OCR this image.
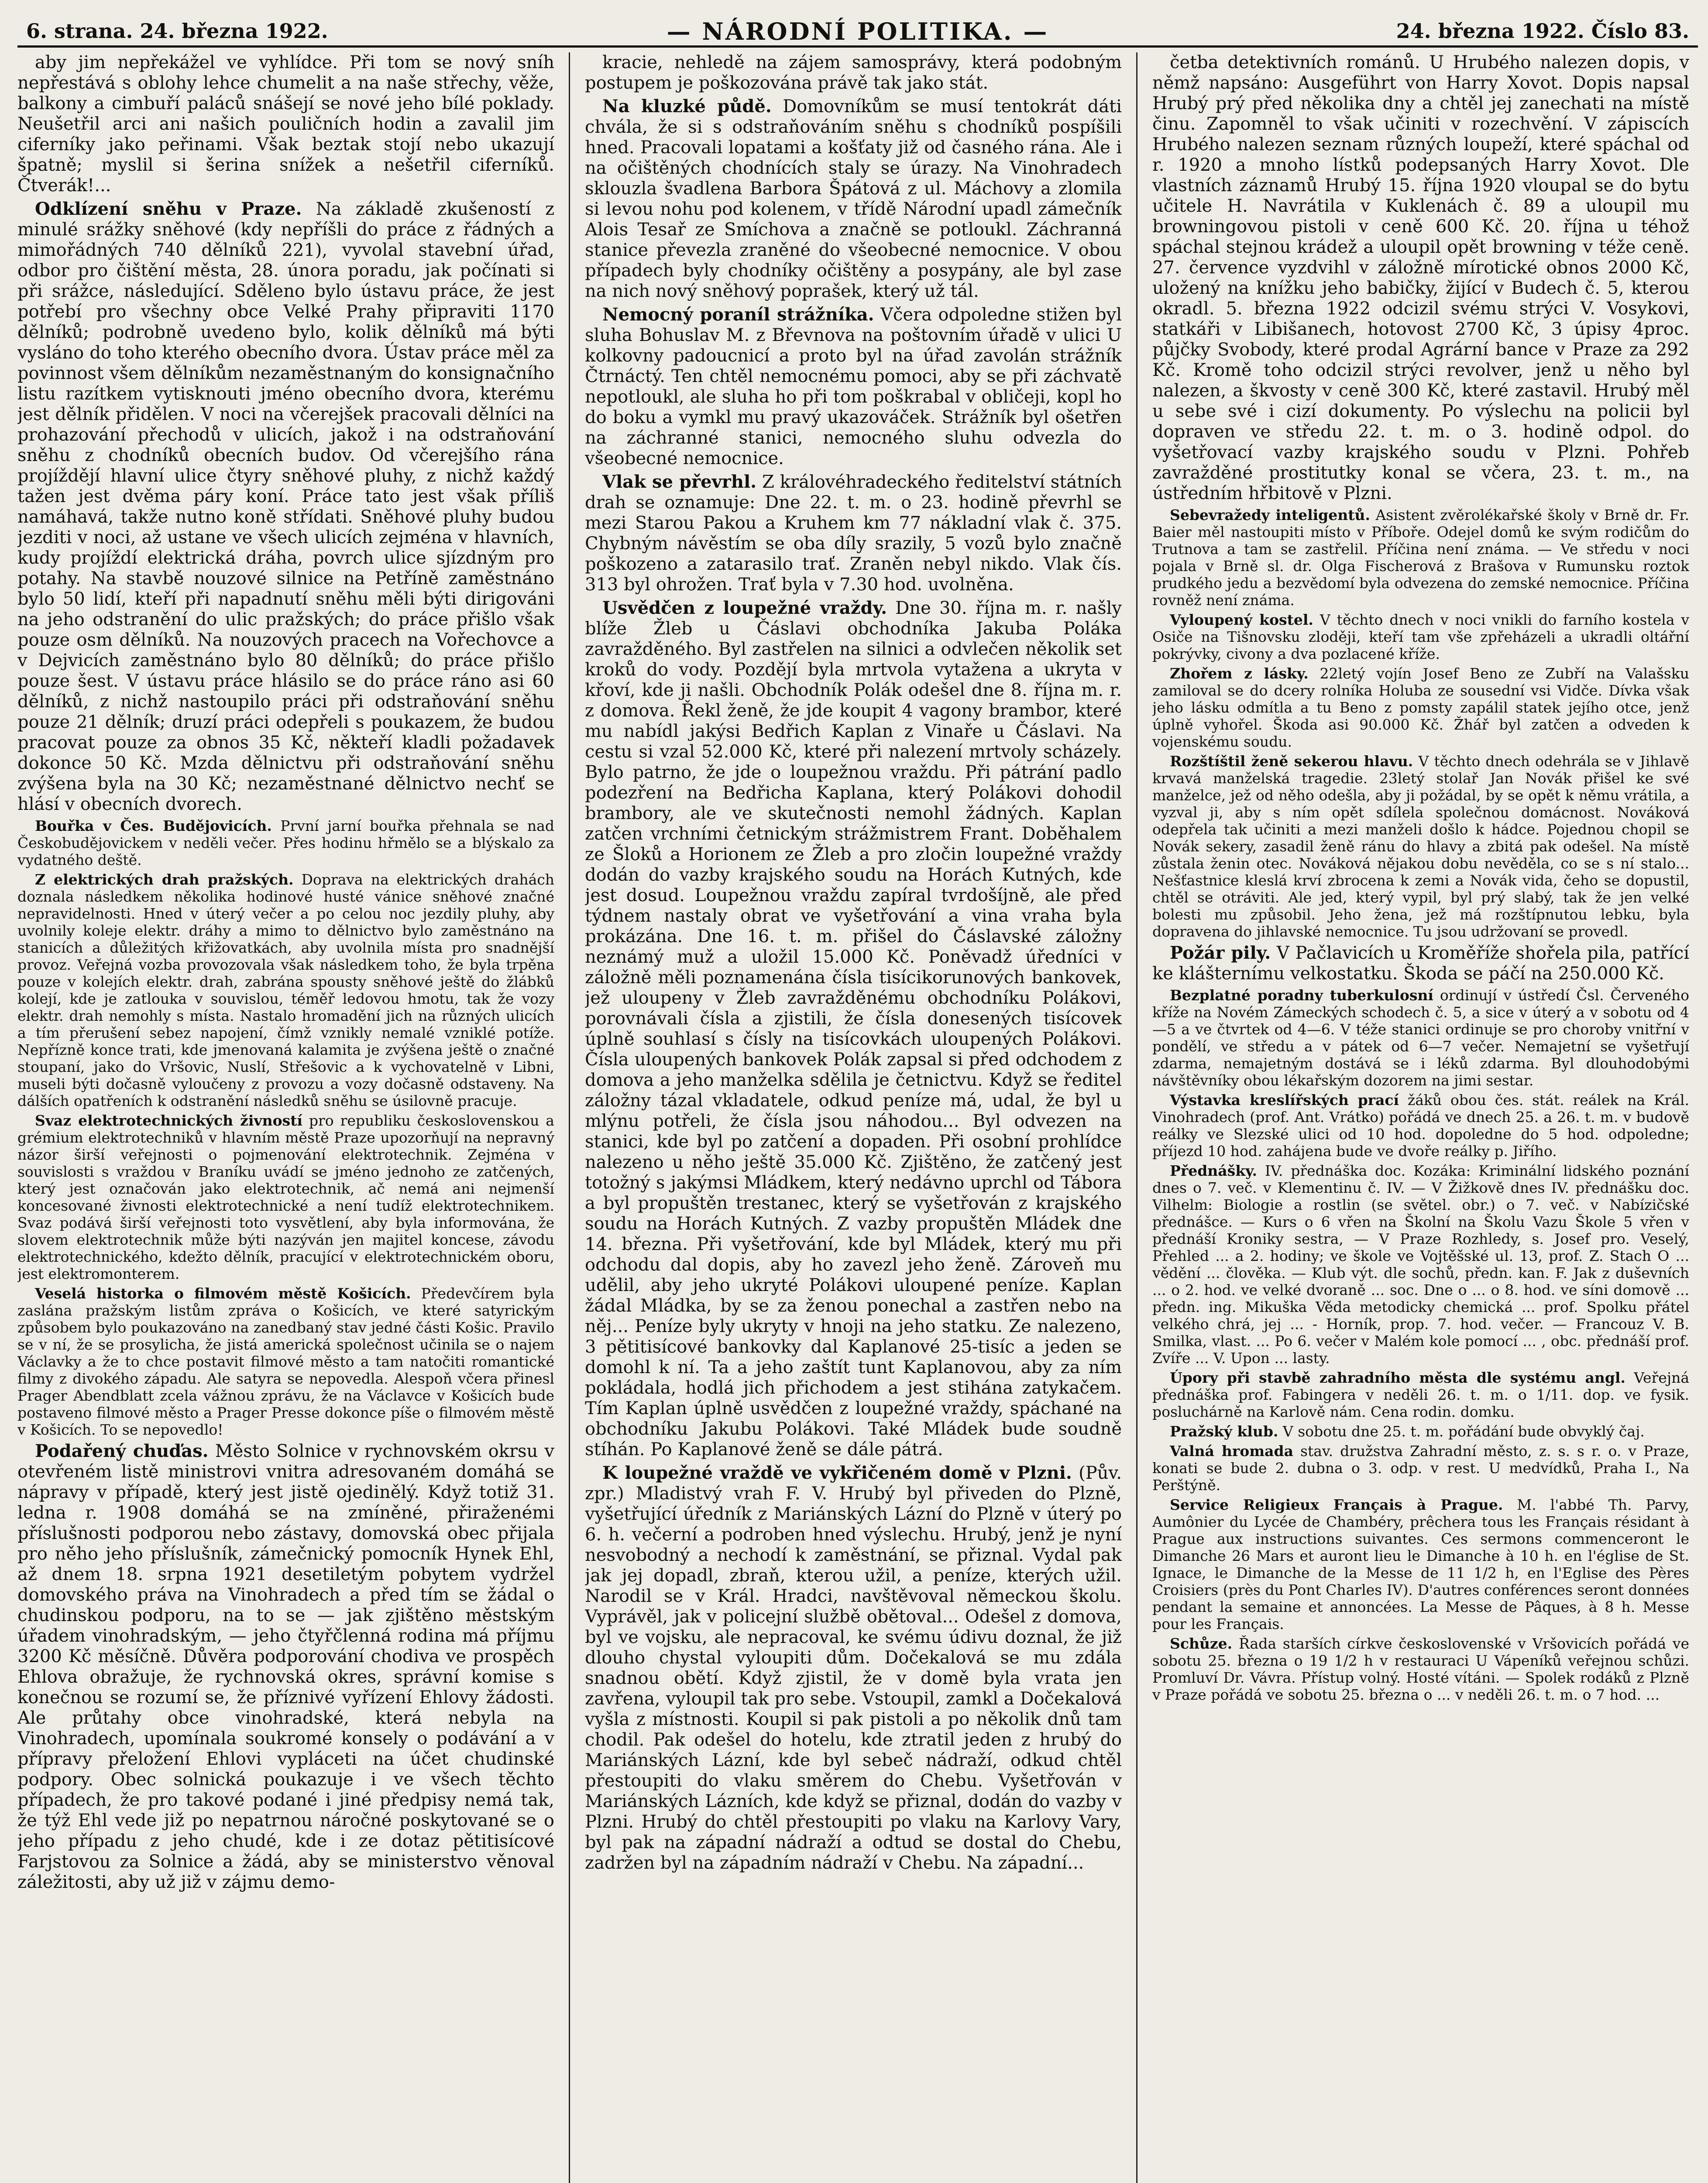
6. strana. 24. března 1922.	— NÁRODNÍ POLITIKA. —	24. března 1922. Číslo 83.

aby jim nepřekážel ve vyhlídce. Při tom se nový sníh nepřestává s oblohy lehce chumelit a na naše střechy, věže, balkony a cimbuří paláců snášejí se nové jeho bílé poklady. Neušetřil arci ani našich pouličních hodin a zavalil jim ciferníky jako peřinami. Však beztak stojí nebo ukazují špatně; myslil si šerina snížek a nešetřil ciferníků. Čtverák!...

Odklízení sněhu v Praze. Na základě zkušeností z minulé srážky sněhové (kdy nepříšli do práce z řádných a mimořádných 740 dělníků 221), vyvolal stavební úřad, odbor pro čištění města, 28. února poradu, jak počínati si při srážce, následující. Sděleno bylo ústavu práce, že jest potřebí pro všechny obce Velké Prahy připraviti 1170 dělníků; podrobně uvedeno bylo, kolik dělníků má býti vysláno do toho kterého obecního dvora. Ústav práce měl za povinnost všem dělníkům nezaměstnaným do konsignačního listu razítkem vytisknouti jméno obecního dvora, kterému jest dělník přidělen. V noci na včerejšek pracovali dělníci na prohazování přechodů v ulicích, jakož i na odstraňování sněhu z chodníků obecních budov. Od včerejšího rána projíždějí hlavní ulice čtyry sněhové pluhy, z nichž každý tažen jest dvěma páry koní. Práce tato jest však příliš namáhavá, takže nutno koně střídati. Sněhové pluhy budou jezditi v noci, až ustane ve všech ulicích zejména v hlavních, kudy projíždí elektrická dráha, povrch ulice sjízdným pro potahy. Na stavbě nouzové silnice na Petříně zaměstnáno bylo 50 lidí, kteří při napadnutí sněhu měli býti dirigováni na jeho odstranění do ulic pražských; do práce přišlo však pouze osm dělníků. Na nouzových pracech na Vořechovce a v Dejvicích zaměstnáno bylo 80 dělníků; do práce přišlo pouze šest. V ústavu práce hlásilo se do práce ráno asi 60 dělníků, z nichž nastoupilo práci při odstraňování sněhu pouze 21 dělník; druzí práci odepřeli s poukazem, že budou pracovat pouze za obnos 35 Kč, někteří kladli požadavek dokonce 50 Kč. Mzda dělnictvu při odstraňování sněhu zvýšena byla na 30 Kč; nezaměstnané dělnictvo nechť se hlásí v obecních dvorech.

Bouřka v Čes. Budějovicích. První jarní bouřka přehnala se nad Českobudějovickem v neděli večer. Přes hodinu hřmělo se a blýskalo za vydatného deště.

Z elektrických drah pražských. Doprava na elektrických drahách doznala následkem několika hodinové husté vánice sněhové značné nepravidelnosti. Hned v úterý večer a po celou noc jezdily pluhy, aby uvolnily koleje elektr. dráhy a mimo to dělnictvo bylo zaměstnáno na stanicích a důležitých křižovatkách, aby uvolnila místa pro snadnější provoz. Veřejná vozba provozovala však následkem toho, že byla trpěna pouze v kolejích elektr. drah, zabrána spousty sněhové ještě do žlábků kolejí, kde je zatlouka v souvislou, téměř ledovou hmotu, tak že vozy elektr. drah nemohly s místa. Nastalo hromadění jich na různých ulicích a tím přerušení sebez napojení, čímž vznikly nemalé vzniklé potíže. Nepřízně konce trati, kde jmenovaná kalamita je zvýšena ještě o značné stoupaní, jako do Vršovic, Nuslí, Střešovic a k vychovatelně v Libni, museli býti dočasně vyloučeny z provozu a vozy dočasně odstaveny. Na dálších opatřeních k odstranění následků sněhu se úsilovně pracuje.

Svaz elektrotechnických živností pro republiku československou a grémium elektrotechniků v hlavním městě Praze upozorňují na nepravný názor širší veřejnosti o pojmenování elektrotechnik. Zejména v souvislosti s vraždou v Braníku uvádí se jméno jednoho ze zatčených, který jest označován jako elektrotechnik, ač nemá ani nejmenší koncesované živnosti elektrotechnické a není tudíž elektrotechnikem. Svaz podává širší veřejnosti toto vysvětlení, aby byla informována, že slovem elektrotechnik může býti nazýván jen majitel koncese, závodu elektrotechnického, kdežto dělník, pracující v elektrotechnickém oboru, jest elektromonterem.

Veselá historka o filmovém městě Košicích. Předevčírem byla zaslána pražským listům zpráva o Košicích, ve které satyrickým způsobem bylo poukazováno na zanedbaný stav jedné části Košic. Pravilo se v ní, že se prosylicha, že jistá americká společnost učinila se o najem Václavky a že to chce postavit filmové město a tam natočiti romantické filmy z divokého západu. Ale satyra se nepovedla. Alespoň včera přinesl Prager Abendblatt zcela vážnou zprávu, že na Václavce v Košicích bude postaveno filmové město a Prager Presse dokonce píše o filmovém městě v Košicích. To se nepovedlo!

Podařený chuďas. Město Solnice v rychnovském okrsu v otevřeném listě ministrovi vnitra adresovaném domáhá se nápravy v případě, který jest jistě ojedinělý. Když totiž 31. ledna r. 1908 domáhá se na zmíněné, přiraženémi příslušnosti podporou nebo zástavy, domovská obec přijala pro něho jeho příslušník, zámečnický pomocník Hynek Ehl, až dnem 18. srpna 1921 desetiletým pobytem vydržel domovského práva na Vinohradech a před tím se žádal o chudinskou podporu, na to se — jak zjištěno městským úřadem vinohradským, — jeho čtyřčlenná rodina má příjmu 3200 Kč měsíčně. Důvěra podporování chodiva ve prospěch Ehlova obražuje, že rychnovská okres, správní komise s konečnou se rozumí se, že příznivé vyřízení Ehlovy žádosti. Ale průtahy obce vinohradské, která nebyla na Vinohradech, upomínala soukromé konsely o podávání a v přípravy přeložení Ehlovi vypláceti na účet chudinské podpory. Obec solnická poukazuje i ve všech těchto případech, že pro takové podané i jiné předpisy nemá tak, že týž Ehl vede již po nepatrnou náročné poskytované se o jeho případu z jeho chudé, kde i ze dotaz pětitisícové Farjstovou za Solnice a žádá, aby se ministerstvo věnoval záležitosti, aby už již v zájmu demo-

kracie, nehledě na zájem samosprávy, která podobným postupem je poškozována právě tak jako stát.

Na kluzké půdě. Domovníkům se musí tentokrát dáti chvála, že si s odstraňováním sněhu s chodníků pospíšili hned. Pracovali lopatami a košťaty již od časného rána. Ale i na očištěných chodnících staly se úrazy. Na Vinohradech sklouzla švadlena Barbora Špátová z ul. Máchovy a zlomila si levou nohu pod kolenem, v třídě Národní upadl zámečník Alois Tesař ze Smíchova a značně se potloukl. Záchranná stanice převezla zraněné do všeobecné nemocnice. V obou případech byly chodníky očištěny a posypány, ale byl zase na nich nový sněhový poprašek, který už tál.

Nemocný poraníl strážníka. Včera odpoledne stižen byl sluha Bohuslav M. z Břevnova na poštovním úřadě v ulici U kolkovny padoucnicí a proto byl na úřad zavolán strážník Čtrnáctý. Ten chtěl nemocnému pomoci, aby se při záchvatě nepotloukl, ale sluha ho při tom poškrabal v obličeji, kopl ho do boku a vymkl mu pravý ukazováček. Strážník byl ošetřen na záchranné stanici, nemocného sluhu odvezla do všeobecné nemocnice.

Vlak se převrhl. Z královéhradeckého ředitelství státních drah se oznamuje: Dne 22. t. m. o 23. hodině převrhl se mezi Starou Pakou a Kruhem km 77 nákladní vlak č. 375. Chybným návěstím se oba díly srazily, 5 vozů bylo značně poškozeno a zatarasilo trať. Zraněn nebyl nikdo. Vlak čís. 313 byl ohrožen. Trať byla v 7.30 hod. uvolněna.

Usvědčen z loupežné vraždy. Dne 30. října m. r. našly blíže Žleb u Čáslavi obchodníka Jakuba Poláka zavražděného. Byl zastřelen na silnici a odvlečen několik set kroků do vody. Pozdějí byla mrtvola vytažena a ukryta v křoví, kde ji našli. Obchodník Polák odešel dne 8. října m. r. z domova. Řekl ženě, že jde koupit 4 vagony brambor, které mu nabídl jakýsi Bedřich Kaplan z Vinaře u Čáslavi. Na cestu si vzal 52.000 Kč, které při nalezení mrtvoly scházely. Bylo patrno, že jde o loupežnou vraždu. Při pátrání padlo podezření na Bedřicha Kaplana, který Polákovi dohodil brambory, ale ve skutečnosti nemohl žádných. Kaplan zatčen vrchními četnickým strážmistrem Frant. Doběhalem ze Šloků a Horionem ze Žleb a pro zločin loupežné vraždy dodán do vazby krajského soudu na Horách Kutných, kde jest dosud. Loupežnou vraždu zapíral tvrdošíjně, ale před týdnem nastaly obrat ve vyšetřování a vina vraha byla prokázána. Dne 16. t. m. přišel do Čáslavské záložny neznámý muž a uložil 15.000 Kč. Poněvadž úředníci v záložně měli poznamenána čísla tisícikorunových bankovek, jež uloupeny v Žleb zavražděnému obchodníku Polákovi, porovnávali čísla a zjistili, že čísla donesených tisícovek úplně souhlasí s čísly na tisícovkách uloupených Polákovi. Čísla uloupených bankovek Polák zapsal si před odchodem z domova a jeho manželka sdělila je četnictvu. Když se ředitel záložny tázal vkladatele, odkud peníze má, udal, že byl u mlýnu potřeli, že čísla jsou náhodou... Byl odvezen na stanici, kde byl po zatčení a dopaden. Při osobní prohlídce nalezeno u něho ještě 35.000 Kč. Zjištěno, že zatčený jest totožný s jakýmsi Mládkem, který nedávno uprchl od Tábora a byl propuštěn trestanec, který se vyšetřován z krajského soudu na Horách Kutných. Z vazby propuštěn Mládek dne 14. března. Při vyšetřování, kde byl Mládek, který mu při odchodu dal dopis, aby ho zavezl jeho ženě. Zároveň mu udělil, aby jeho ukryté Polákovi uloupené peníze. Kaplan žádal Mládka, by se za ženou ponechal a zastřen nebo na něj... Peníze byly ukryty v hnoji na jeho statku. Ze nalezeno, 3 pětitisícové bankovky dal Kaplanové 25-tisíc a jeden se domohl k ní. Ta a jeho zaštít tunt Kaplanovou, aby za ním pokládala, hodlá jich přichodem a jest stihána zatykačem. Tím Kaplan úplně usvědčen z loupežné vraždy, spáchané na obchodníku Jakubu Polákovi. Také Mládek bude soudně stíhán. Po Kaplanové ženě se dále pátrá.

K loupežné vraždě ve vykřičeném domě v Plzni. (Pův. zpr.) Mladistvý vrah F. V. Hrubý byl přiveden do Plzně, vyšetřující úředník z Mariánských Lázní do Plzně v úterý po 6. h. večerní a podroben hned výslechu. Hrubý, jenž je nyní nesvobodný a nechodí k zaměstnání, se přiznal. Vydal pak jak jej dopadl, zbraň, kterou užil, a peníze, kterých užil. Narodil se v Král. Hradci, navštěvoval německou školu. Vyprávěl, jak v policejní službě obětoval... Odešel z domova, byl ve vojsku, ale nepracoval, ke svému údivu doznal, že již dlouho chystal vyloupiti dům. Dočekalová se mu zdála snadnou obětí. Když zjistil, že v domě byla vrata jen zavřena, vyloupil tak pro sebe. Vstoupil, zamkl a Dočekalová vyšla z místnosti. Koupil si pak pistoli a po několik dnů tam chodil. Pak odešel do hotelu, kde ztratil jeden z hrubý do Mariánských Lázní, kde byl sebeč nádraží, odkud chtěl přestoupiti do vlaku směrem do Chebu. Vyšetřován v Mariánských Lázních, kde když se přiznal, dodán do vazby v Plzni. Hrubý do chtěl přestoupiti po vlaku na Karlovy Vary, byl pak na západní nádraží a odtud se dostal do Chebu, zadržen byl na západním nádraží v Chebu. Na západní...

četba detektivních románů. U Hrubého nalezen dopis, v němž napsáno: Ausgeführt von Harry Xovot. Dopis napsal Hrubý prý před několika dny a chtěl jej zanechati na místě činu. Zapomněl to však učiniti v rozechvění. V zápiscích Hrubého nalezen seznam různých loupeží, které spáchal od r. 1920 a mnoho lístků podepsaných Harry Xovot. Dle vlastních záznamů Hrubý 15. října 1920 vloupal se do bytu učitele H. Navrátila v Kuklenách č. 89 a uloupil mu browningovou pistoli v ceně 600 Kč. 20. října u téhož spáchal stejnou krádež a uloupil opět browning v téže ceně. 27. července vyzdvihl v záložně mírotické obnos 2000 Kč, uložený na knížku jeho babičky, žijící v Budech č. 5, kterou okradl. 5. března 1922 odcizil svému strýci V. Vosykovi, statkáři v Libišanech, hotovost 2700 Kč, 3 úpisy 4proc. půjčky Svobody, které prodal Agrární bance v Praze za 292 Kč. Kromě toho odcizil strýci revolver, jenž u něho byl nalezen, a škvosty v ceně 300 Kč, které zastavil. Hrubý měl u sebe své i cizí dokumenty. Po výslechu na policii byl dopraven ve středu 22. t. m. o 3. hodině odpol. do vyšetřovací vazby krajského soudu v Plzni. Pohřeb zavražděné prostitutky konal se včera, 23. t. m., na ústředním hřbitově v Plzni.

Sebevražedy inteligentů. Asistent zvěrolékařské školy v Brně dr. Fr. Baier měl nastoupiti místo v Příboře. Odejel domů ke svým rodičům do Trutnova a tam se zastřelil. Příčina není známa. — Ve středu v noci pojala v Brně sl. dr. Olga Fischerová z Brašova v Rumunsku roztok prudkého jedu a bezvědomí byla odvezena do zemské nemocnice. Příčina rovněž není známa.

Vyloupený kostel. V těchto dnech v noci vnikli do farního kostela v Osiče na Tišnovsku zloději, kteří tam vše zpřeházeli a ukradli oltářní pokrývky, civony a dva pozlacené kříže.

Zhořem z lásky. 22letý vojín Josef Beno ze Zubří na Valašsku zamiloval se do dcery rolníka Holuba ze sousední vsi Vidče. Dívka však jeho lásku odmítla a tu Beno z pomsty zapálil statek jejího otce, jenž úplně vyhořel. Škoda asi 90.000 Kč. Žhář byl zatčen a odveden k vojenskému soudu.

Rozštíštil ženě sekerou hlavu. V těchto dnech odehrála se v Jihlavě krvavá manželská tragedie. 23letý stolař Jan Novák přišel ke své manželce, jež od něho odešla, aby ji požádal, by se opět k němu vrátila, a vyzval ji, aby s ním opět sdílela společnou domácnost. Nováková odepřela tak učiniti a mezi manželi došlo k hádce. Pojednou chopil se Novák sekery, zasadil ženě ránu do hlavy a zbitá pak odešel. Na místě zůstala ženin otec. Nováková nějakou dobu nevěděla, co se s ní stalo... Nešťastnice kleslá krví zbrocena k zemi a Novák vida, čeho se dopustil, chtěl se otráviti. Ale jed, který vypil, byl prý slabý, tak že jen velké bolesti mu způsobil. Jeho žena, jež má rozštípnutou lebku, byla dopravena do jihlavské nemocnice. Tu jsou udržovaní se provedl.

Požár pily. V Pačlavicích u Kroměříže shořela pila, patřící ke klášternímu velkostatku. Škoda se páčí na 250.000 Kč.

Bezplatné poradny tuberkulosní ordinují v ústředí Čsl. Červeného kříže na Novém Zámeckých schodech č. 5, a sice v úterý a v sobotu od 4—5 a ve čtvrtek od 4—6. V téže stanici ordinuje se pro choroby vnitřní v pondělí, ve středu a v pátek od 6—7 večer. Nemajetní se vyšetřují zdarma, nemajetným dostává se i léků zdarma. Byl dlouhodobými návštěvníky obou lékařským dozorem na jimi sestar.

Výstavka kreslířských prací žáků obou čes. stát. reálek na Král. Vinohradech (prof. Ant. Vrátko) pořádá ve dnech 25. a 26. t. m. v budově reálky ve Slezské ulici od 10 hod. dopoledne do 5 hod. odpoledne; příjezd 10 hod. zahájena bude ve dvoře reálky p. Jiřího.

Přednášky. IV. přednáška doc. Kozáka: Kriminální lidského poznání dnes o 7. več. v Klementinu č. IV. — V Žižkově dnes IV. přednášku doc. Vilhelm: Biologie a rostlin (se světel. obr.) o 7. več. v Nabízičské přednášce. — Kurs o 6 vřen na Školní na Školu Vazu Škole 5 vřen v přednáší Kroniky sestra, — V Praze Rozhledy, s. Josef pro. Veselý, Přehled ... a 2. hodiny; ve škole ve Vojtěšské ul. 13, prof. Z. Stach O ... vědění ... člověka. — Klub výt. dle sochů, předn. kan. F. Jak z duševních ... o 2. hod. ve velké dvoraně ... soc. Dne o ... o 8. hod. ve síni domově ... předn. ing. Mikuška Věda metodicky chemická ... prof. Spolku přátel velkého chrá, jej ... - Horník, prop. 7. hod. večer. — Francouz V. B. Smilka, vlast. ... Po 6. večer v Malém kole pomocí ... , obc. přednáší prof. Zvíře ... V. Upon ... lasty.

Úpory při stavbě zahradního města dle systému angl. Veřejná přednáška prof. Fabingera v neděli 26. t. m. o 1/11. dop. ve fysik. posluchárně na Karlově nám. Cena rodin. domku.

Pražský klub. V sobotu dne 25. t. m. pořádání bude obvyklý čaj.

Valná hromada stav. družstva Zahradní město, z. s. s r. o. v Praze, konati se bude 2. dubna o 3. odp. v rest. U medvídků, Praha I., Na Perštýně.

Service Religieux Français à Prague. M. l'abbé Th. Parvy, Aumônier du Lycée de Chambéry, prêchera tous les Français résidant à Prague aux instructions suivantes. Ces sermons commenceront le Dimanche 26 Mars et auront lieu le Dimanche à 10 h. en l'église de St. Ignace, le Dimanche de la Messe de 11 1/2 h, en l'Eglise des Pères Croisiers (près du Pont Charles IV). D'autres conférences seront données pendant la semaine et annoncées. La Messe de Pâques, à 8 h. Messe pour les Français.

Schůze. Řada starších církve československé v Vršovicích pořádá ve sobotu 25. března o 19 1/2 h v restauraci U Vápeníků veřejnou schůzi. Promluví Dr. Vávra. Přístup volný. Hosté vítáni. — Spolek rodáků z Plzně v Praze pořádá ve sobotu 25. března o ... v neděli 26. t. m. o 7 hod. ...
